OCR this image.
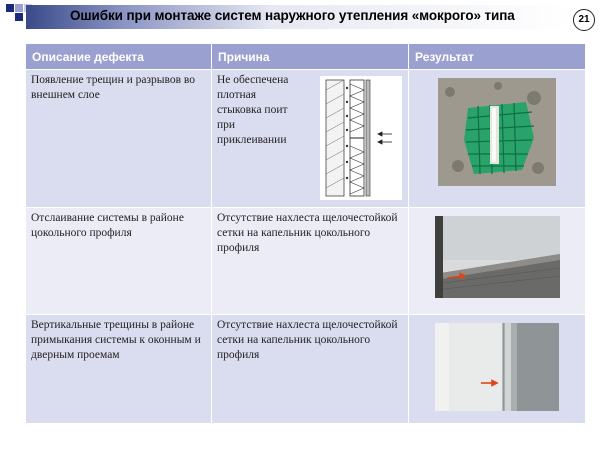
Ошибки при монтаже систем наружного утепления «мокрого» типа	21
Описание дефекта	Причина	Результат

Появление трещин и разрывов во внешнем слое	Не обеспечена плотная стыковка поит при приклеивании

Отслаивание системы в районе цокольного профиля	Отсутствие нахлеста щелочестойкой сетки на капельник цокольного профиля

Вертикальные трещины в районе примыкания системы к оконным и дверным проемам	Отсутствие нахлеста щелочестойкой сетки на капельник цокольного профиля
